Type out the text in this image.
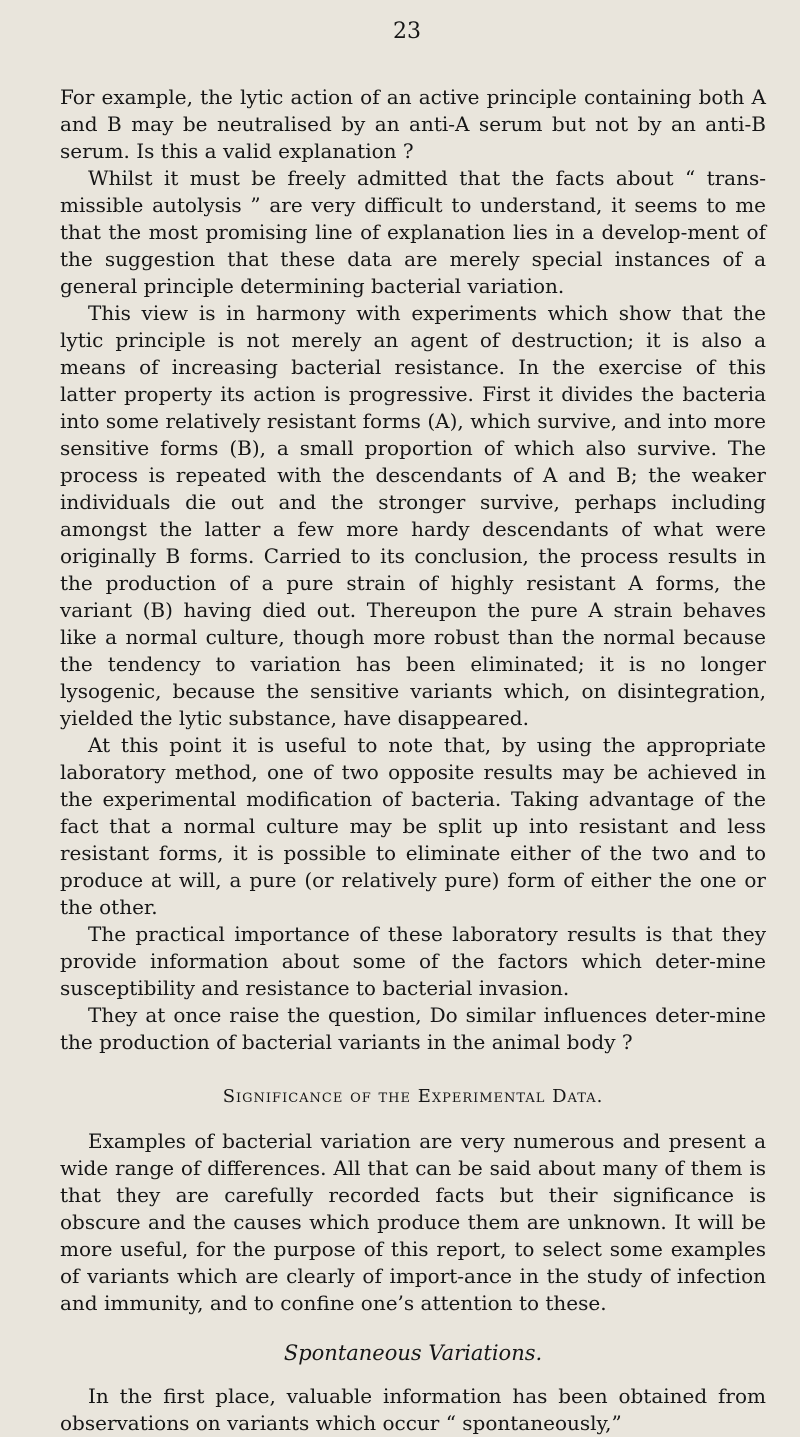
23

For example, the lytic action of an active principle containing both A and B may be neutralised by an anti-A serum but not by an anti-B serum. Is this a valid explanation ?

Whilst it must be freely admitted that the facts about “ trans-missible autolysis ” are very difficult to understand, it seems to me that the most promising line of explanation lies in a develop-ment of the suggestion that these data are merely special instances of a general principle determining bacterial variation.

This view is in harmony with experiments which show that the lytic principle is not merely an agent of destruction; it is also a means of increasing bacterial resistance. In the exercise of this latter property its action is progressive. First it divides the bacteria into some relatively resistant forms (A), which survive, and into more sensitive forms (B), a small proportion of which also survive. The process is repeated with the descendants of A and B; the weaker individuals die out and the stronger survive, perhaps including amongst the latter a few more hardy descendants of what were originally B forms. Carried to its conclusion, the process results in the production of a pure strain of highly resistant A forms, the variant (B) having died out. Thereupon the pure A strain behaves like a normal culture, though more robust than the normal because the tendency to variation has been eliminated; it is no longer lysogenic, because the sensitive variants which, on disintegration, yielded the lytic substance, have disappeared.

At this point it is useful to note that, by using the appropriate laboratory method, one of two opposite results may be achieved in the experimental modification of bacteria. Taking advantage of the fact that a normal culture may be split up into resistant and less resistant forms, it is possible to eliminate either of the two and to produce at will, a pure (or relatively pure) form of either the one or the other.

The practical importance of these laboratory results is that they provide information about some of the factors which deter-mine susceptibility and resistance to bacterial invasion.

They at once raise the question, Do similar influences deter-mine the production of bacterial variants in the animal body ?

Significance of the Experimental Data.

Examples of bacterial variation are very numerous and present a wide range of differences. All that can be said about many of them is that they are carefully recorded facts but their significance is obscure and the causes which produce them are unknown. It will be more useful, for the purpose of this report, to select some examples of variants which are clearly of import-ance in the study of infection and immunity, and to confine one’s attention to these.

Spontaneous Variations.

In the first place, valuable information has been obtained from observations on variants which occur “ spontaneously,”
